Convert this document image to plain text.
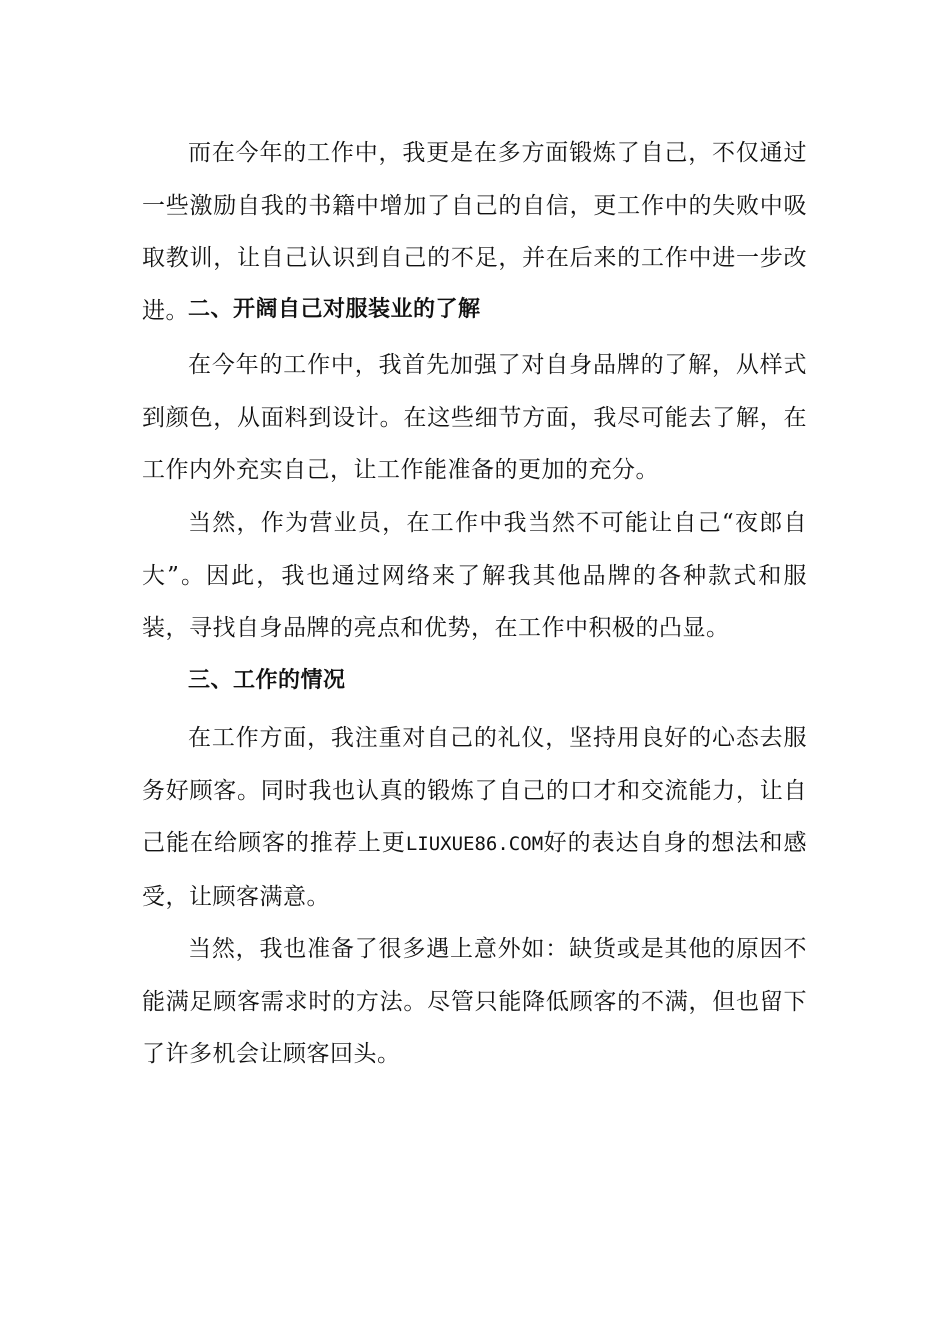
而在今年的工作中，我更是在多方面锻炼了自己，不仅通过一些激励自我的书籍中增加了自己的自信，更工作中的失败中吸取教训，让自己认识到自己的不足，并在后来的工作中进一步改进。 二、开阔自己对服装业的了解

在今年的工作中，我首先加强了对自身品牌的了解，从样式到颜色，从面料到设计。在这些细节方面，我尽可能去了解，在工作内外充实自己，让工作能准备的更加的充分。

当然，作为营业员，在工作中我当然不可能让自己“夜郎自大”。因此，我也通过网络来了解我其他品牌的各种款式和服装，寻找自身品牌的亮点和优势，在工作中积极的凸显。

三、工作的情况

在工作方面，我注重对自己的礼仪，坚持用良好的心态去服务好顾客。同时我也认真的锻炼了自己的口才和交流能力，让自己能在给顾客的推荐上更LIUXUE86.COM好的表达自身的想法和感受，让顾客满意。

当然，我也准备了很多遇上意外如：缺货或是其他的原因不能满足顾客需求时的方法。尽管只能降低顾客的不满，但也留下了许多机会让顾客回头。
